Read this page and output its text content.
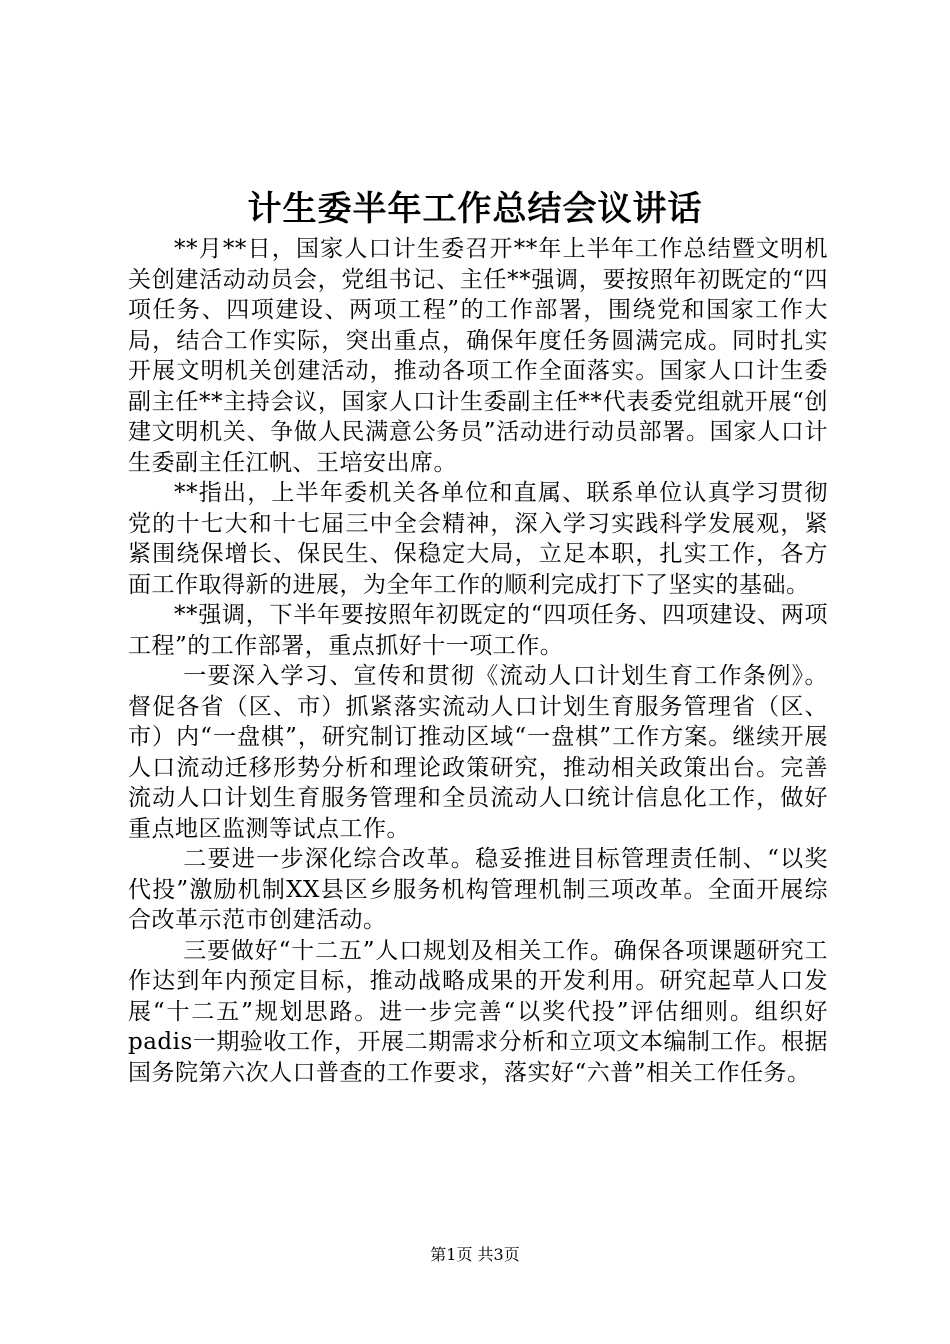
计生委半年工作总结会议讲话

**月**日，国家人口计生委召开**年上半年工作总结暨文明机关创建活动动员会，党组书记、主任**强调，要按照年初既定的“四项任务、四项建设、两项工程”的工作部署，围绕党和国家工作大局，结合工作实际，突出重点，确保年度任务圆满完成。同时扎实开展文明机关创建活动，推动各项工作全面落实。国家人口计生委副主任**主持会议，国家人口计生委副主任**代表委党组就开展“创建文明机关、争做人民满意公务员”活动进行动员部署。国家人口计生委副主任江帆、王培安出席。

**指出，上半年委机关各单位和直属、联系单位认真学习贯彻党的十七大和十七届三中全会精神，深入学习实践科学发展观，紧紧围绕保增长、保民生、保稳定大局，立足本职，扎实工作，各方面工作取得新的进展，为全年工作的顺利完成打下了坚实的基础。

**强调，下半年要按照年初既定的“四项任务、四项建设、两项工程”的工作部署，重点抓好十一项工作。

一要深入学习、宣传和贯彻《流动人口计划生育工作条例》。督促各省（区、市）抓紧落实流动人口计划生育服务管理省（区、市）内“一盘棋”，研究制订推动区域“一盘棋”工作方案。继续开展人口流动迁移形势分析和理论政策研究，推动相关政策出台。完善流动人口计划生育服务管理和全员流动人口统计信息化工作，做好重点地区监测等试点工作。

二要进一步深化综合改革。稳妥推进目标管理责任制、“以奖代投”激励机制XX县区乡服务机构管理机制三项改革。全面开展综合改革示范市创建活动。

三要做好“十二五”人口规划及相关工作。确保各项课题研究工作达到年内预定目标，推动战略成果的开发利用。研究起草人口发展“十二五”规划思路。进一步完善“以奖代投”评估细则。组织好padis一期验收工作，开展二期需求分析和立项文本编制工作。根据国务院第六次人口普查的工作要求，落实好“六普”相关工作任务。

第1页 共3页
